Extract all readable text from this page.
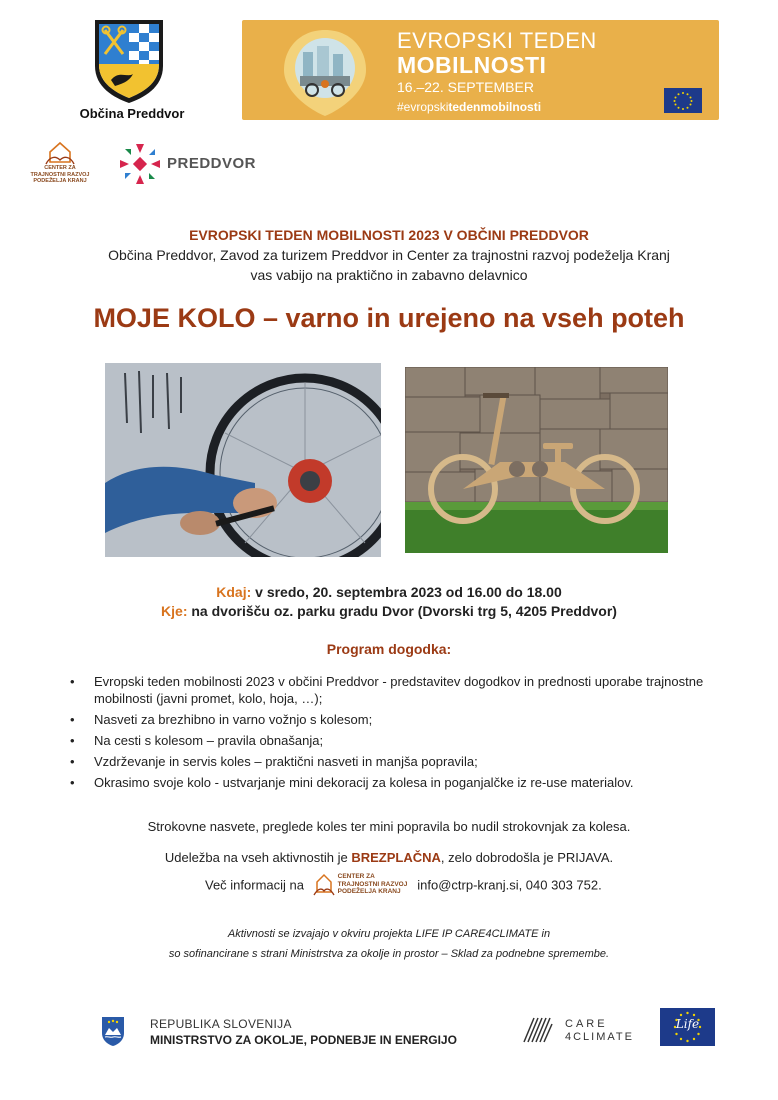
Občina Preddvor
EVROPSKI TEDEN
MOBILNOSTI
16.–22. SEPTEMBER
#evropskitedenmobilnosti
CENTER ZA TRAJNOSTNI RAZVOJ PODEŽELJA KRANJ
PREDDVOR
EVROPSKI TEDEN MOBILNOSTI 2023 V OBČINI PREDDVOR
Občina Preddvor, Zavod za turizem Preddvor in Center za trajnostni razvoj podeželja Kranj
vas vabijo na praktično in zabavno delavnico
MOJE KOLO – varno in urejeno na vseh poteh
Kdaj: v sredo, 20. septembra 2023 od 16.00 do 18.00
Kje: na dvorišču oz. parku gradu Dvor (Dvorski trg 5, 4205 Preddvor)
Program dogodka:
• Evropski teden mobilnosti 2023 v občini Preddvor - predstavitev dogodkov in prednosti uporabe trajnostne mobilnosti (javni promet, kolo, hoja, …);
• Nasveti za brezhibno in varno vožnjo s kolesom;
• Na cesti s kolesom – pravila obnašanja;
• Vzdrževanje in servis koles – praktični nasveti in manjša popravila;
• Okrasimo svoje kolo - ustvarjanje mini dekoracij za kolesa in poganjalčke iz re-use materialov.
Strokovne nasvete, preglede koles ter mini popravila bo nudil strokovnjak za kolesa.
Udeležba na vseh aktivnostih je BREZPLAČNA, zelo dobrodošla je PRIJAVA.
Več informacij na
CENTER ZA TRAJNOSTNI RAZVOJ PODEŽELJA KRANJ	info@ctrp-kranj.si, 040 303 752.
Aktivnosti se izvajajo v okviru projekta LIFE IP CARE4CLIMATE in
so sofinancirane s strani Ministrstva za okolje in prostor – Sklad za podnebne spremembe.
REPUBLIKA SLOVENIJA
MINISTRSTVO ZA OKOLJE, PODNEBJE IN ENERGIJO
CARE
4CLIMATE
Life
